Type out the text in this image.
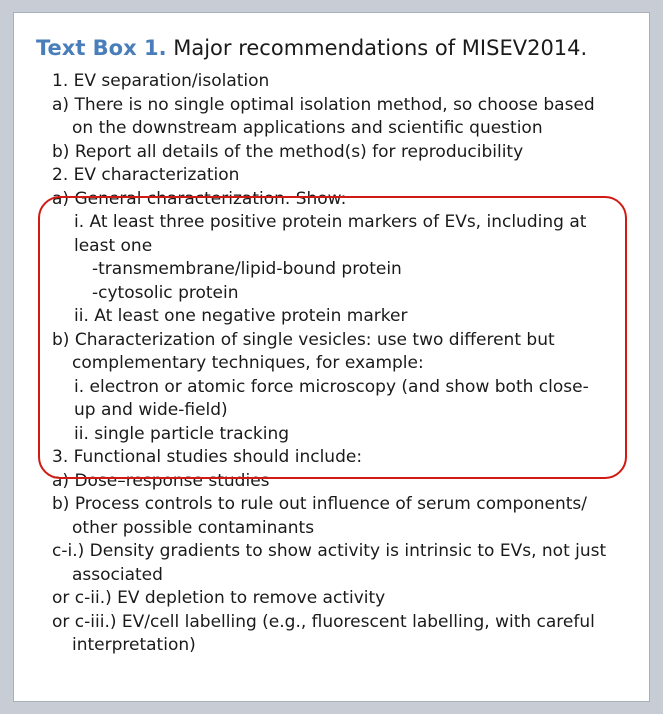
Text Box 1. Major recommendations of MISEV2014.
1. EV separation/isolation
a) There is no single optimal isolation method, so choose based
on the downstream applications and scientific question
b) Report all details of the method(s) for reproducibility
2. EV characterization
a) General characterization. Show:
i. At least three positive protein markers of EVs, including at
least one
-transmembrane/lipid-bound protein
-cytosolic protein
ii. At least one negative protein marker
b) Characterization of single vesicles: use two different but
complementary techniques, for example:
i. electron or atomic force microscopy (and show both close-
up and wide-field)
ii. single particle tracking
3. Functional studies should include:
a) Dose–response studies
b) Process controls to rule out influence of serum components/
other possible contaminants
c-i.) Density gradients to show activity is intrinsic to EVs, not just
associated
or c-ii.) EV depletion to remove activity
or c-iii.) EV/cell labelling (e.g., fluorescent labelling, with careful
interpretation)
